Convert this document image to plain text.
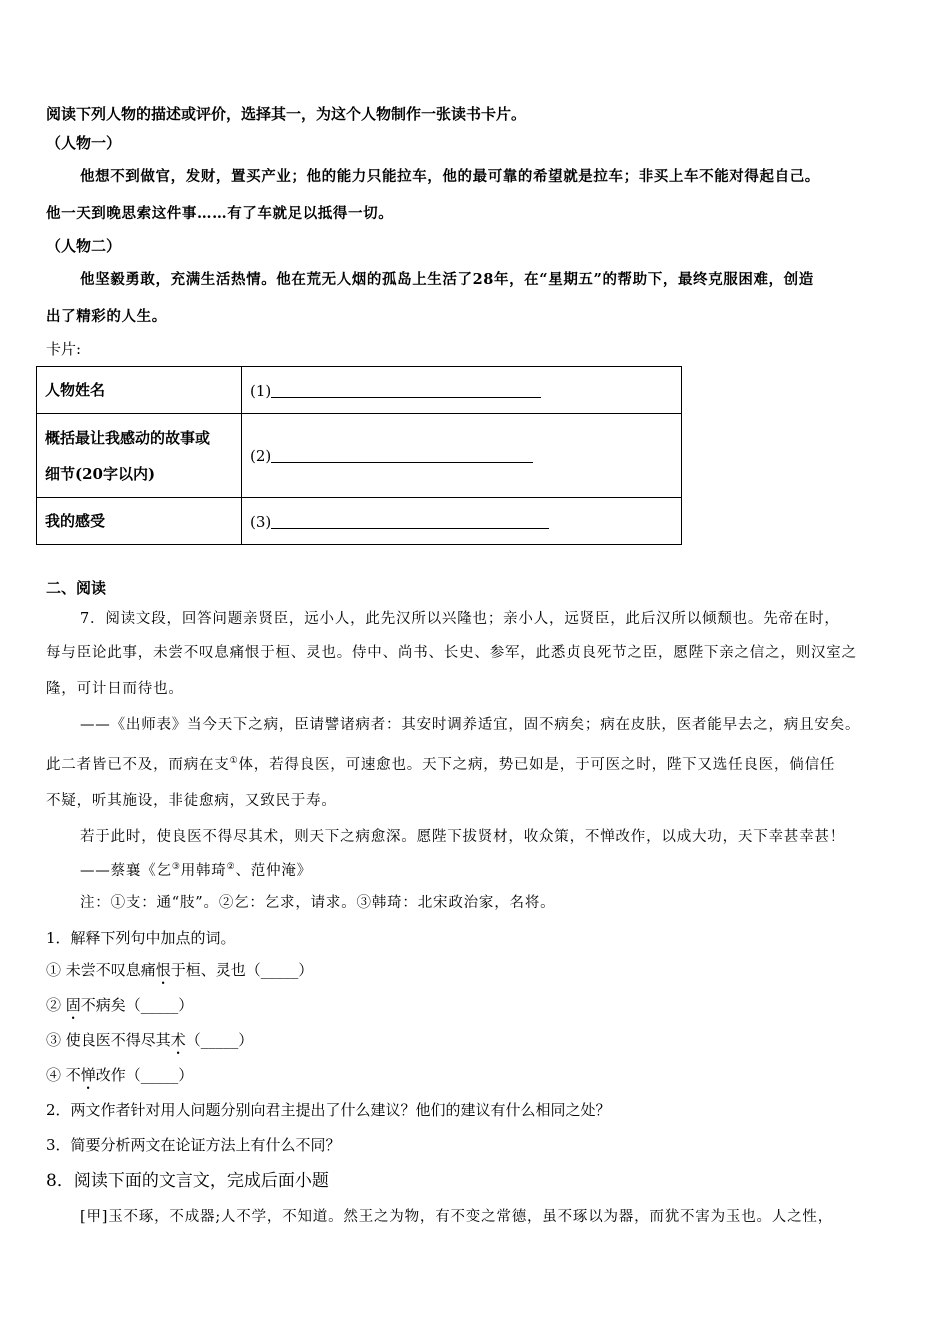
阅读下列人物的描述或评价，选择其一，为这个人物制作一张读书卡片。

（人物一）

他想不到做官，发财，置买产业；他的能力只能拉车，他的最可靠的希望就是拉车；非买上车不能对得起自己。

他一天到晚思索这件事……有了车就足以抵得一切。

（人物二）

他坚毅勇敢，充满生活热情。他在荒无人烟的孤岛上生活了28年，在“星期五”的帮助下，最终克服困难，创造

出了精彩的人生。

卡片:

人物姓名	(1)

概括最让我感动的故事或
细节(20字以内)	(2)
我的感受	(3)

二、阅读

7．阅读文段，回答问题亲贤臣，远小人，此先汉所以兴隆也；亲小人，远贤臣，此后汉所以倾颓也。先帝在时，

每与臣论此事，未尝不叹息痛恨于桓、灵也。侍中、尚书、长史、参军，此悉贞良死节之臣，愿陛下亲之信之，则汉室之

隆，可计日而待也。

——《出师表》当今天下之病，臣请譬诸病者：其安时调养适宜，固不病矣；病在皮肤，医者能早去之，病且安矣。

此二者皆已不及，而病在支①体，若得良医，可速愈也。天下之病，势已如是，于可医之时，陛下又选任良医，倘信任

不疑，听其施设，非徒愈病，又致民于寿。

若于此时，使良医不得尽其术，则天下之病愈深。愿陛下拔贤材，收众策，不惮改作，以成大功，天下幸甚幸甚！

——蔡襄《乞③用韩琦②、范仲淹》

注：①支：通“肢”。②乞：乞求，请求。③韩琦：北宋政治家，名将。

1．解释下列句中加点的词。

① 未尝不叹息痛恨于桓、灵也（_____）

② 固不病矣（_____）

③ 使良医不得尽其术（_____）

④ 不惮改作（_____）

2．两文作者针对用人问题分别向君主提出了什么建议？他们的建议有什么相同之处？

3．简要分析两文在论证方法上有什么不同？

8．阅读下面的文言文，完成后面小题

[甲]玉不琢，不成器;人不学，不知道。然王之为物，有不变之常德，虽不琢以为器，而犹不害为玉也。人之性，
